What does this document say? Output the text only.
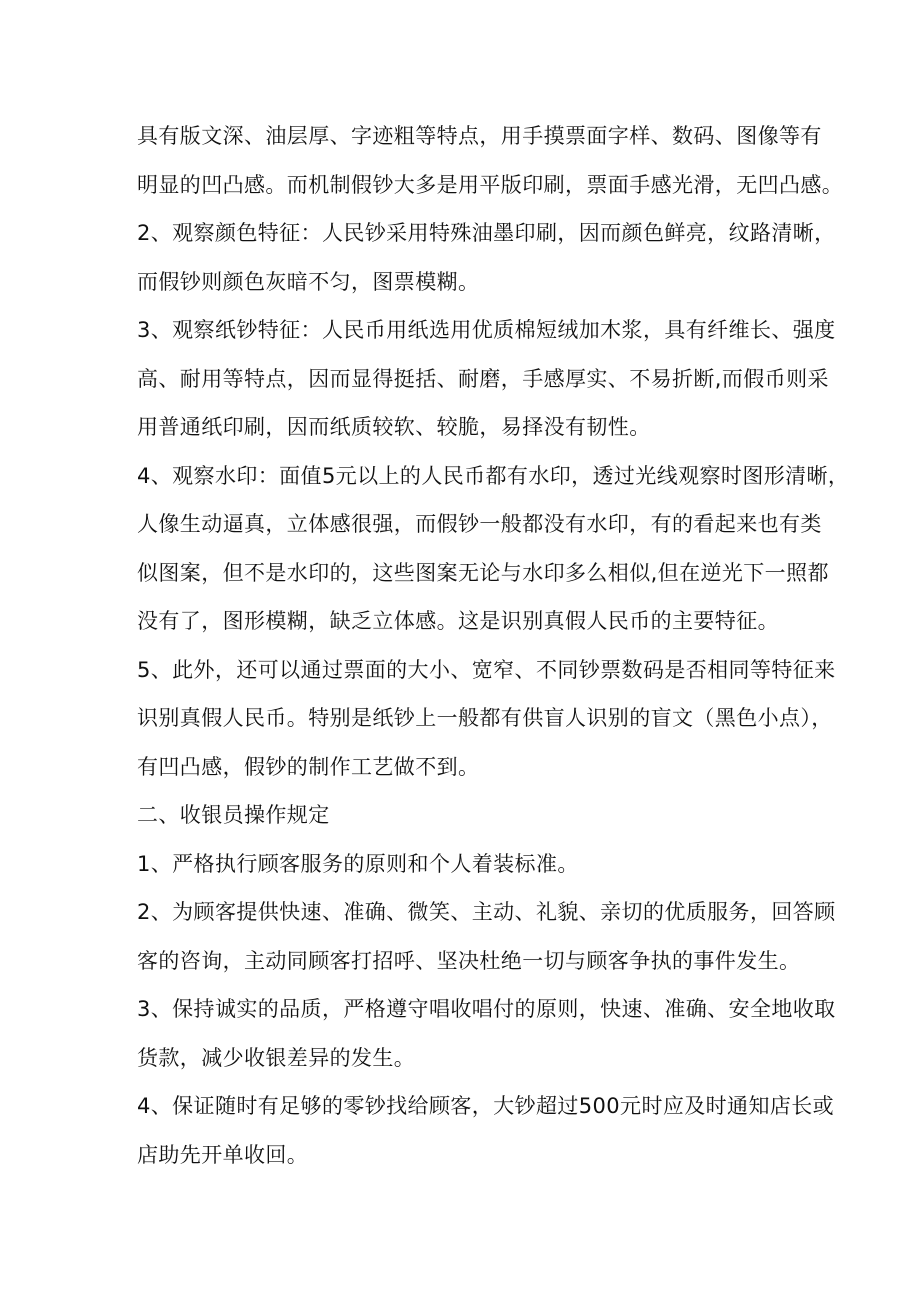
具有版文深、油层厚、字迹粗等特点，用手摸票面字样、数码、图像等有
明显的凹凸感。而机制假钞大多是用平版印刷，票面手感光滑，无凹凸感。

2、观察颜色特征：人民钞采用特殊油墨印刷，因而颜色鲜亮，纹路清晰，
而假钞则颜色灰暗不匀，图票模糊。

3、观察纸钞特征：人民币用纸选用优质棉短绒加木浆，具有纤维长、强度
高、耐用等特点，因而显得挺括、耐磨，手感厚实、不易折断,而假币则采
用普通纸印刷，因而纸质较软、较脆，易择没有韧性。

4、观察水印：面值5元以上的人民币都有水印，透过光线观察时图形清晰，
人像生动逼真，立体感很强，而假钞一般都没有水印，有的看起来也有类
似图案，但不是水印的，这些图案无论与水印多么相似,但在逆光下一照都
没有了，图形模糊，缺乏立体感。这是识别真假人民币的主要特征。

5、此外，还可以通过票面的大小、宽窄、不同钞票数码是否相同等特征来
识别真假人民币。特别是纸钞上一般都有供盲人识别的盲文（黑色小点），
有凹凸感，假钞的制作工艺做不到。

二、收银员操作规定

1、严格执行顾客服务的原则和个人着装标准。

2、为顾客提供快速、准确、微笑、主动、礼貌、亲切的优质服务，回答顾
客的咨询，主动同顾客打招呼、坚决杜绝一切与顾客争执的事件发生。

3、保持诚实的品质，严格遵守唱收唱付的原则，快速、准确、安全地收取
货款，减少收银差异的发生。

4、保证随时有足够的零钞找给顾客，大钞超过500元时应及时通知店长或
店助先开单收回。
